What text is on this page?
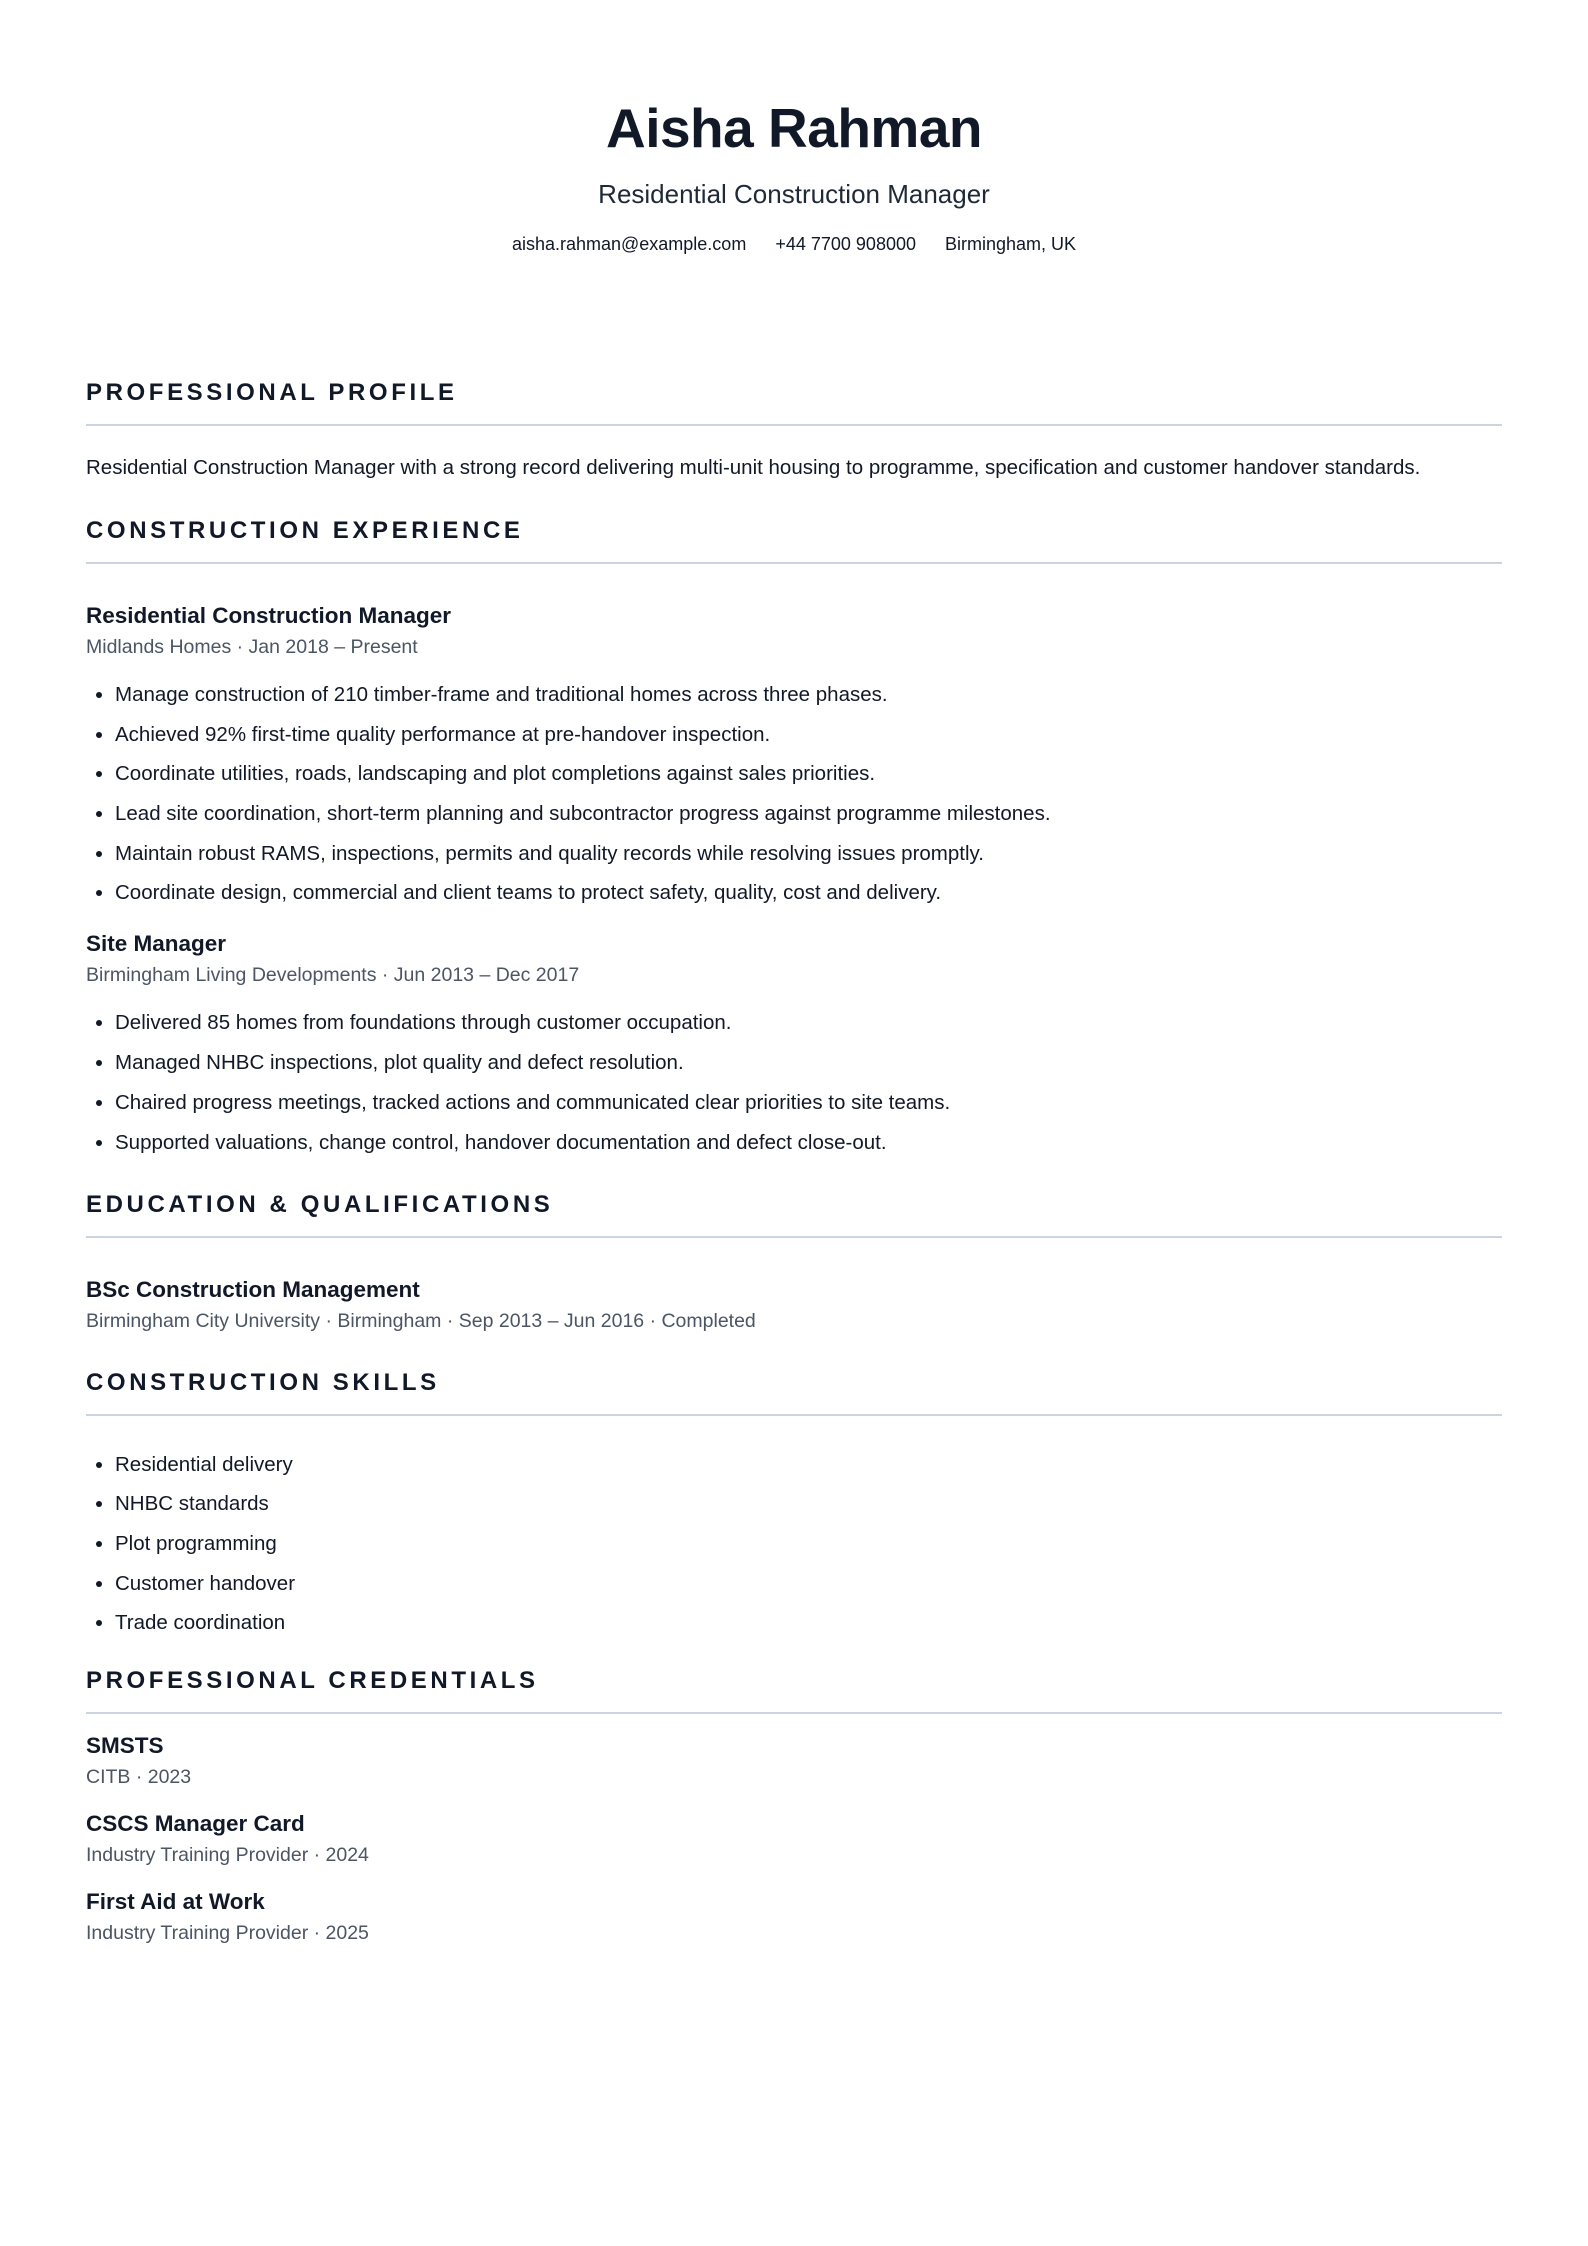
Aisha Rahman
Residential Construction Manager
aisha.rahman@example.com +44 7700 908000 Birmingham, UK
PROFESSIONAL PROFILE
Residential Construction Manager with a strong record delivering multi-unit housing to programme, specification and customer handover standards.
CONSTRUCTION EXPERIENCE
Residential Construction Manager
Midlands Homes · Jan 2018 – Present
• Manage construction of 210 timber-frame and traditional homes across three phases.
• Achieved 92% first-time quality performance at pre-handover inspection.
• Coordinate utilities, roads, landscaping and plot completions against sales priorities.
• Lead site coordination, short-term planning and subcontractor progress against programme milestones.
• Maintain robust RAMS, inspections, permits and quality records while resolving issues promptly.
• Coordinate design, commercial and client teams to protect safety, quality, cost and delivery.
Site Manager
Birmingham Living Developments · Jun 2013 – Dec 2017
• Delivered 85 homes from foundations through customer occupation.
• Managed NHBC inspections, plot quality and defect resolution.
• Chaired progress meetings, tracked actions and communicated clear priorities to site teams.
• Supported valuations, change control, handover documentation and defect close-out.
EDUCATION & QUALIFICATIONS
BSc Construction Management
Birmingham City University · Birmingham · Sep 2013 – Jun 2016 · Completed
CONSTRUCTION SKILLS
• Residential delivery
• NHBC standards
• Plot programming
• Customer handover
• Trade coordination
PROFESSIONAL CREDENTIALS
SMSTS
CITB · 2023
CSCS Manager Card
Industry Training Provider · 2024
First Aid at Work
Industry Training Provider · 2025
